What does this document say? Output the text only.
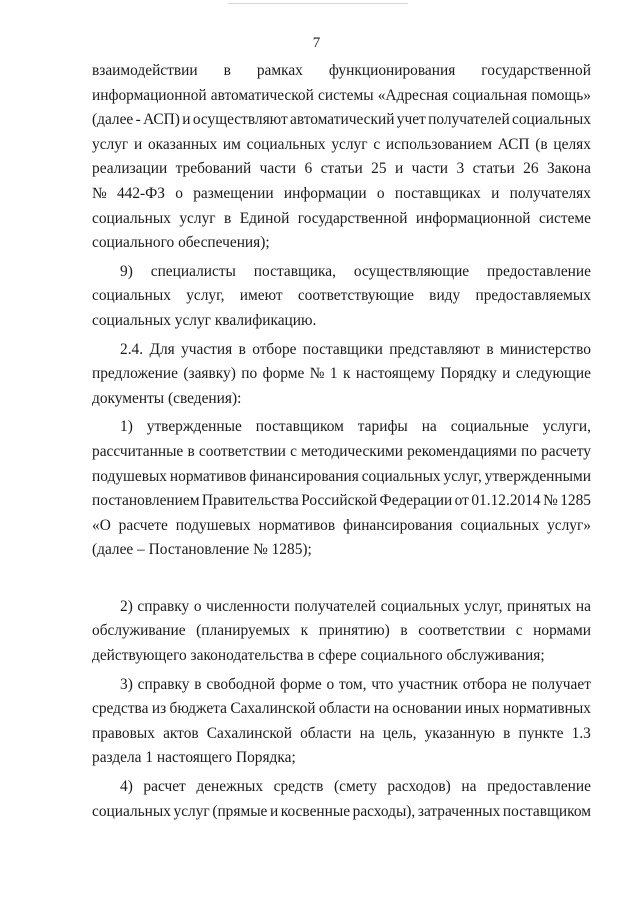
7
взаимодействии в рамках функционирования государственной
информационной автоматической системы «Адресная социальная помощь»
(далее - АСП) и осуществляют автоматический учет получателей социальных
услуг и оказанных им социальных услуг с использованием АСП (в целях
реализации требований части 6 статьи 25 и части 3 статьи 26 Закона
№ 442-ФЗ о размещении информации о поставщиках и получателях
социальных услуг в Единой государственной информационной системе
социального обеспечения);
9) специалисты поставщика, осуществляющие предоставление
социальных услуг, имеют соответствующие виду предоставляемых
социальных услуг квалификацию.
2.4. Для участия в отборе поставщики представляют в министерство
предложение (заявку) по форме № 1 к настоящему Порядку и следующие
документы (сведения):
1) утвержденные поставщиком тарифы на социальные услуги,
рассчитанные в соответствии с методическими рекомендациями по расчету
подушевых нормативов финансирования социальных услуг, утвержденными
постановлением Правительства Российской Федерации от 01.12.2014 № 1285
«О расчете подушевых нормативов финансирования социальных услуг»
(далее – Постановление № 1285);
2) справку о численности получателей социальных услуг, принятых на
обслуживание (планируемых к принятию) в соответствии с нормами
действующего законодательства в сфере социального обслуживания;
3) справку в свободной форме о том, что участник отбора не получает
средства из бюджета Сахалинской области на основании иных нормативных
правовых актов Сахалинской области на цель, указанную в пункте 1.3
раздела 1 настоящего Порядка;
4) расчет денежных средств (смету расходов) на предоставление
социальных услуг (прямые и косвенные расходы), затраченных поставщиком
